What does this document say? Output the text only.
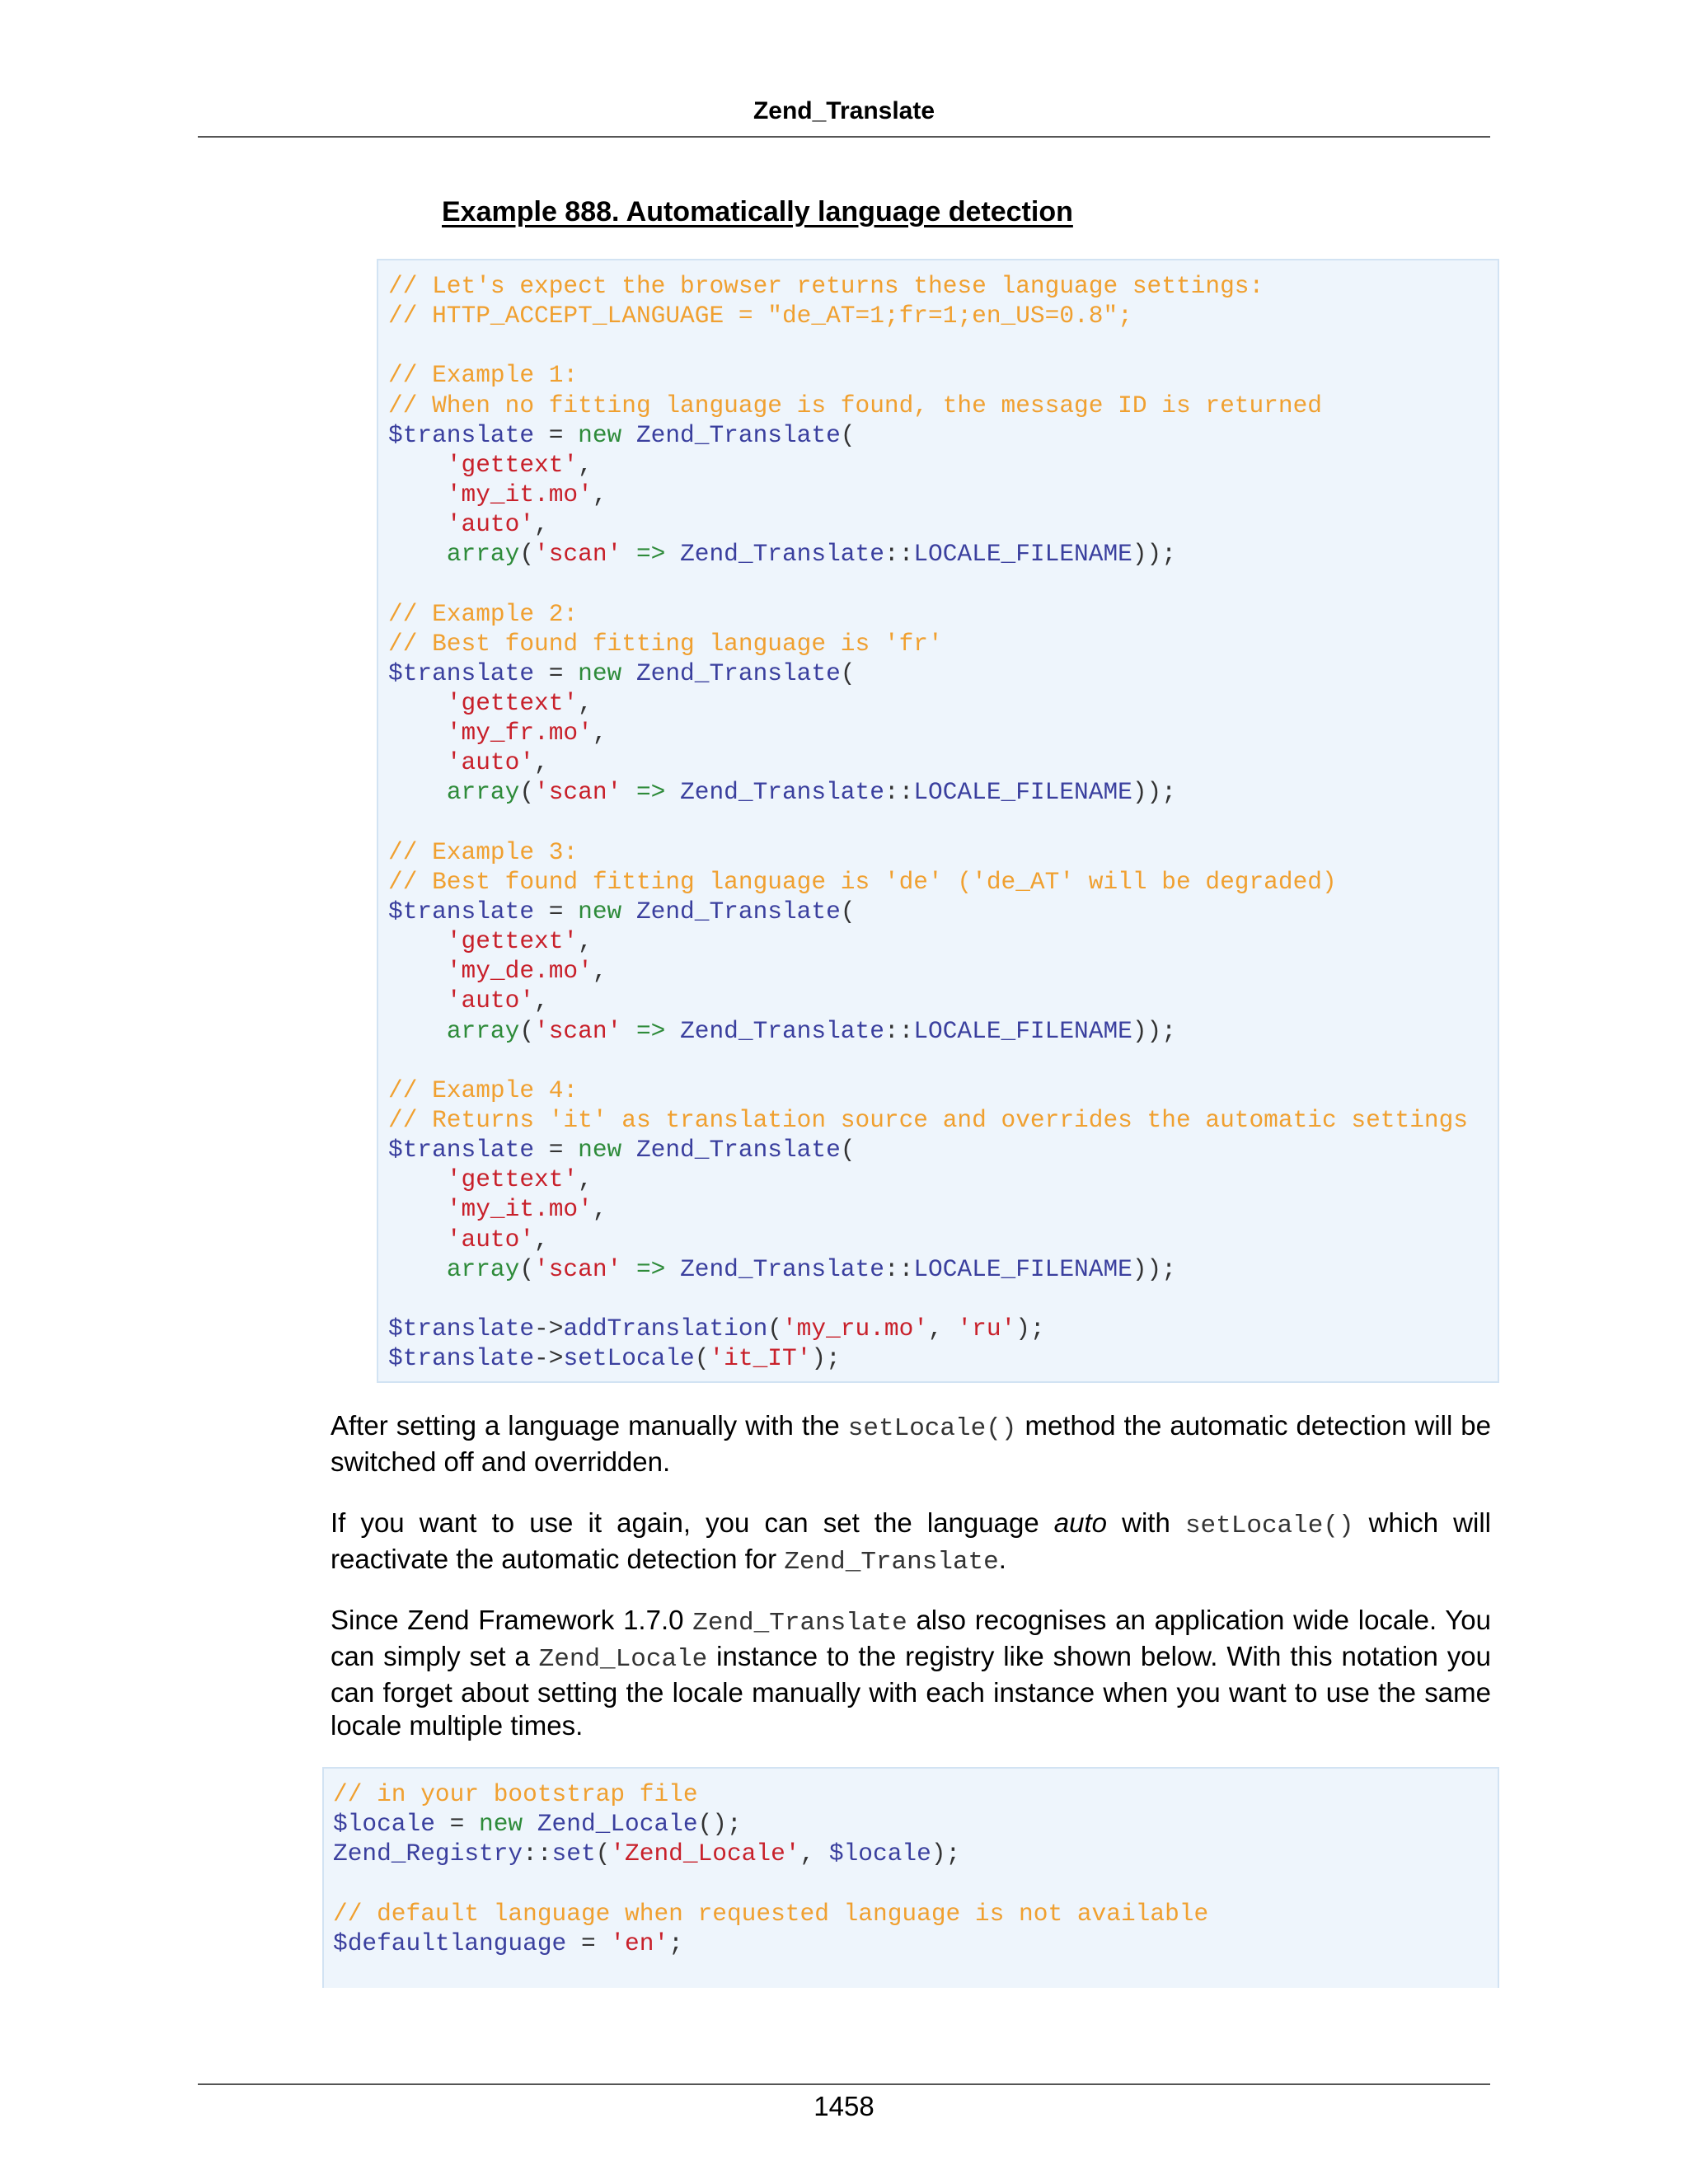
Zend_Translate
Example 888. Automatically language detection
// Let's expect the browser returns these language settings:
// HTTP_ACCEPT_LANGUAGE = "de_AT=1;fr=1;en_US=0.8";

// Example 1:
// When no fitting language is found, the message ID is returned
$translate = new Zend_Translate(
'gettext',
'my_it.mo',
'auto',
array('scan' => Zend_Translate::LOCALE_FILENAME));

// Example 2:
// Best found fitting language is 'fr'
$translate = new Zend_Translate(
'gettext',
'my_fr.mo',
'auto',
array('scan' => Zend_Translate::LOCALE_FILENAME));

// Example 3:
// Best found fitting language is 'de' ('de_AT' will be degraded)
$translate = new Zend_Translate(
'gettext',
'my_de.mo',
'auto',
array('scan' => Zend_Translate::LOCALE_FILENAME));

// Example 4:
// Returns 'it' as translation source and overrides the automatic settings
$translate = new Zend_Translate(
'gettext',
'my_it.mo',
'auto',
array('scan' => Zend_Translate::LOCALE_FILENAME));

$translate->addTranslation('my_ru.mo', 'ru');
$translate->setLocale('it_IT');
After setting a language manually with the setLocale() method the automatic detection will be switched off and overridden.
If you want to use it again, you can set the language auto with setLocale() which will reactivate the automatic detection for Zend_Translate.
Since Zend Framework 1.7.0 Zend_Translate also recognises an application wide locale. You can simply set a Zend_Locale instance to the registry like shown below. With this notation you can forget about setting the locale manually with each instance when you want to use the same locale multiple times.
// in your bootstrap file
$locale = new Zend_Locale();
Zend_Registry::set('Zend_Locale', $locale);

// default language when requested language is not available
$defaultlanguage = 'en';
1458
